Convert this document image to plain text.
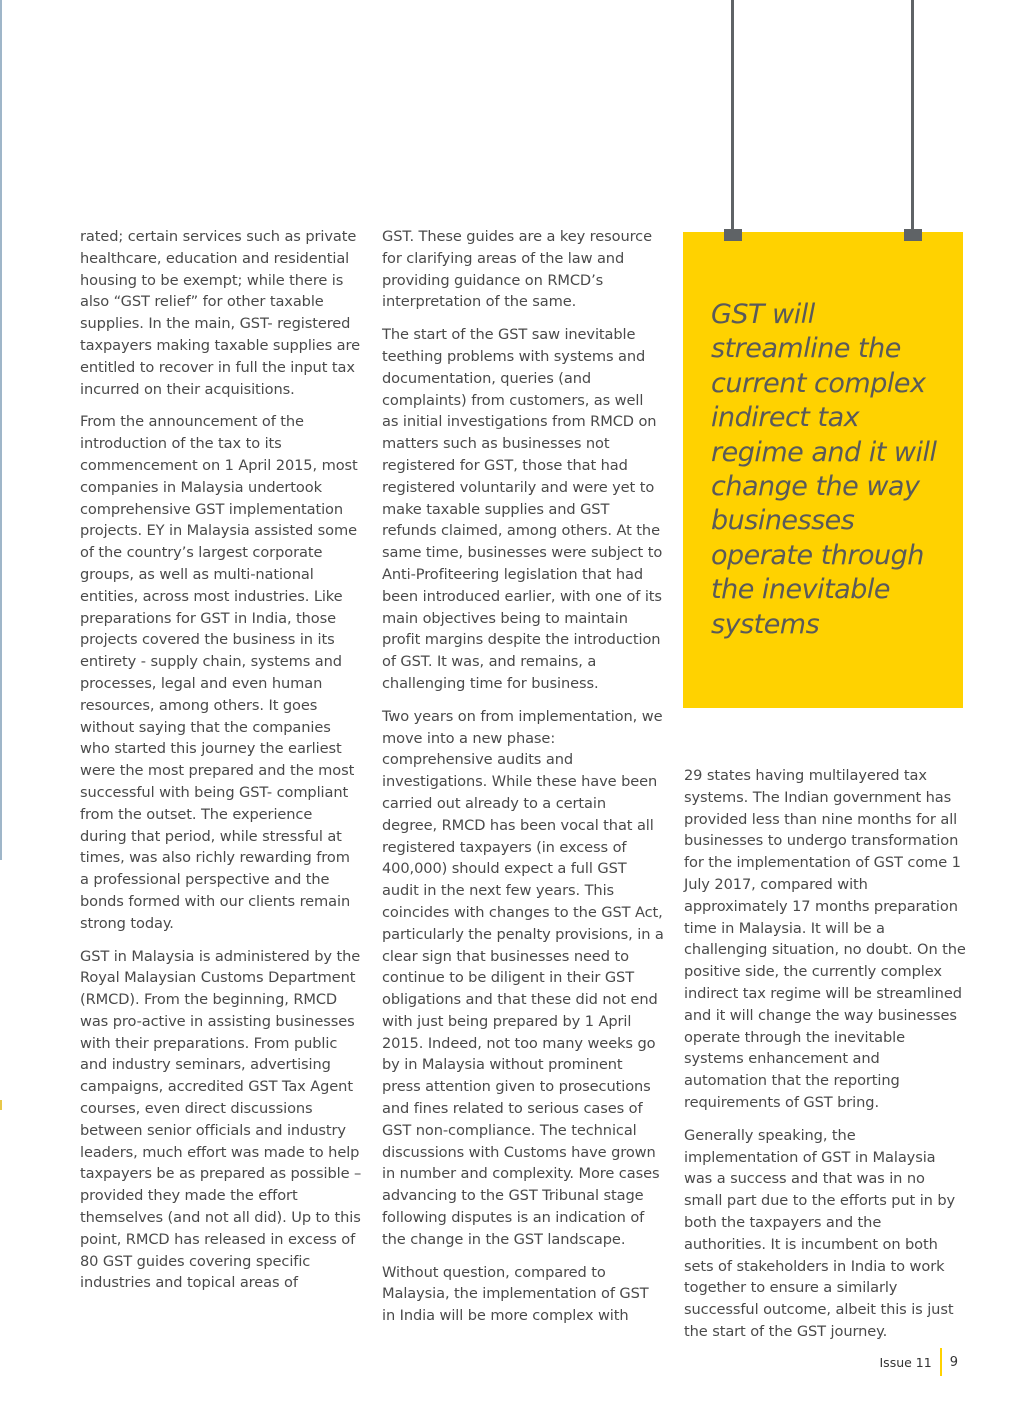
rated; certain services such as private healthcare, education and residential housing to be exempt; while there is also “GST relief” for other taxable supplies. In the main, GST- registered taxpayers making taxable supplies are entitled to recover in full the input tax incurred on their acquisitions.

From the announcement of the introduction of the tax to its commencement on 1 April 2015, most companies in Malaysia undertook comprehensive GST implementation projects. EY in Malaysia assisted some of the country’s largest corporate groups, as well as multi-national entities, across most industries. Like preparations for GST in India, those projects covered the business in its entirety - supply chain, systems and processes, legal and even human resources, among others. It goes without saying that the companies who started this journey the earliest were the most prepared and the most successful with being GST- compliant from the outset. The experience during that period, while stressful at times, was also richly rewarding from a professional perspective and the bonds formed with our clients remain strong today.

GST in Malaysia is administered by the Royal Malaysian Customs Department (RMCD). From the beginning, RMCD was pro-active in assisting businesses with their preparations. From public and industry seminars, advertising campaigns, accredited GST Tax Agent courses, even direct discussions between senior officials and industry leaders, much effort was made to help taxpayers be as prepared as possible – provided they made the effort themselves (and not all did). Up to this point, RMCD has released in excess of 80 GST guides covering specific industries and topical areas of

GST. These guides are a key resource for clarifying areas of the law and providing guidance on RMCD’s interpretation of the same.

The start of the GST saw inevitable teething problems with systems and documentation, queries (and complaints) from customers, as well as initial investigations from RMCD on matters such as businesses not registered for GST, those that had registered voluntarily and were yet to make taxable supplies and GST refunds claimed, among others. At the same time, businesses were subject to Anti-Profiteering legislation that had been introduced earlier, with one of its main objectives being to maintain profit margins despite the introduction of GST. It was, and remains, a challenging time for business.

Two years on from implementation, we move into a new phase: comprehensive audits and investigations. While these have been carried out already to a certain degree, RMCD has been vocal that all registered taxpayers (in excess of 400,000) should expect a full GST audit in the next few years. This coincides with changes to the GST Act, particularly the penalty provisions, in a clear sign that businesses need to continue to be diligent in their GST obligations and that these did not end with just being prepared by 1 April 2015. Indeed, not too many weeks go by in Malaysia without prominent press attention given to prosecutions and fines related to serious cases of GST non-compliance. The technical discussions with Customs have grown in number and complexity. More cases advancing to the GST Tribunal stage following disputes is an indication of the change in the GST landscape.

Without question, compared to Malaysia, the implementation of GST in India will be more complex with

GST will streamline the current complex indirect tax regime and it will change the way businesses operate through the inevitable systems

29 states having multilayered tax systems. The Indian government has provided less than nine months for all businesses to undergo transformation for the implementation of GST come 1 July 2017, compared with approximately 17 months preparation time in Malaysia. It will be a challenging situation, no doubt. On the positive side, the currently complex indirect tax regime will be streamlined and it will change the way businesses operate through the inevitable systems enhancement and automation that the reporting requirements of GST bring.

Generally speaking, the implementation of GST in Malaysia was a success and that was in no small part due to the efforts put in by both the taxpayers and the authorities. It is incumbent on both sets of stakeholders in India to work together to ensure a similarly successful outcome, albeit this is just the start of the GST journey.

Issue 11	9
